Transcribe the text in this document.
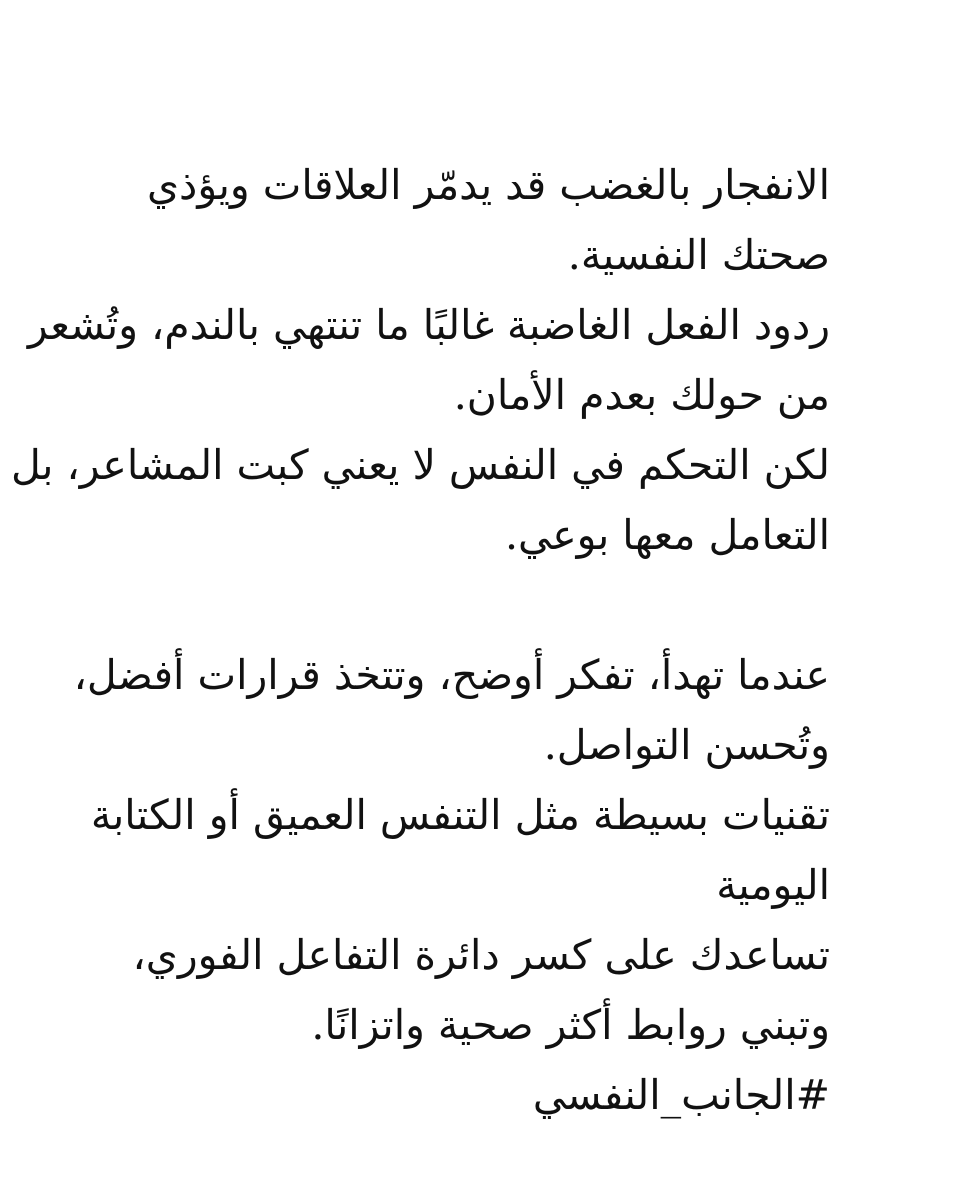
الانفجار بالغضب قد يدمّر العلاقات ويؤذي
صحتك النفسية.
ردود الفعل الغاضبة غالبًا ما تنتهي بالندم، وتُشعر
من حولك بعدم الأمان.
لكن التحكم في النفس لا يعني كبت المشاعر، بل
التعامل معها بوعي.
عندما تهدأ، تفكر أوضح، وتتخذ قرارات أفضل،
وتُحسن التواصل.
تقنيات بسيطة مثل التنفس العميق أو الكتابة
اليومية
تساعدك على كسر دائرة التفاعل الفوري،
وتبني روابط أكثر صحية واتزانًا.
#الجانب_النفسي
